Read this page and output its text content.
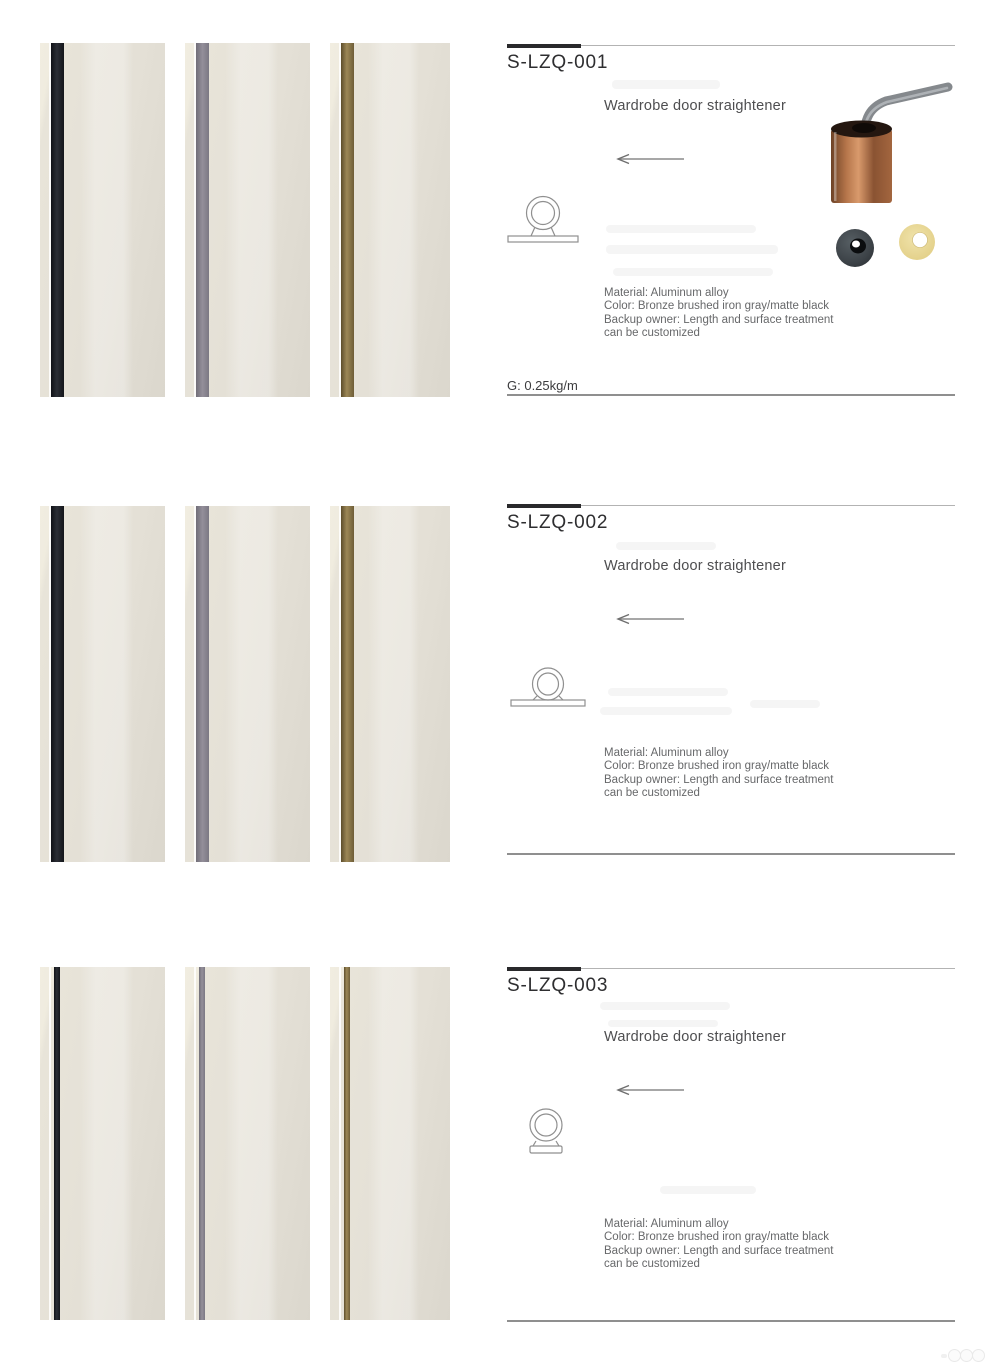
S-LZQ-001
Wardrobe door straightener
Material: Aluminum alloy
Color: Bronze brushed iron gray/matte black
Backup owner: Length and surface treatment
can be customized
G: 0.25kg/m
S-LZQ-002
Wardrobe door straightener
Material: Aluminum alloy
Color: Bronze brushed iron gray/matte black
Backup owner: Length and surface treatment
can be customized
S-LZQ-003
Wardrobe door straightener
Material: Aluminum alloy
Color: Bronze brushed iron gray/matte black
Backup owner: Length and surface treatment
can be customized
